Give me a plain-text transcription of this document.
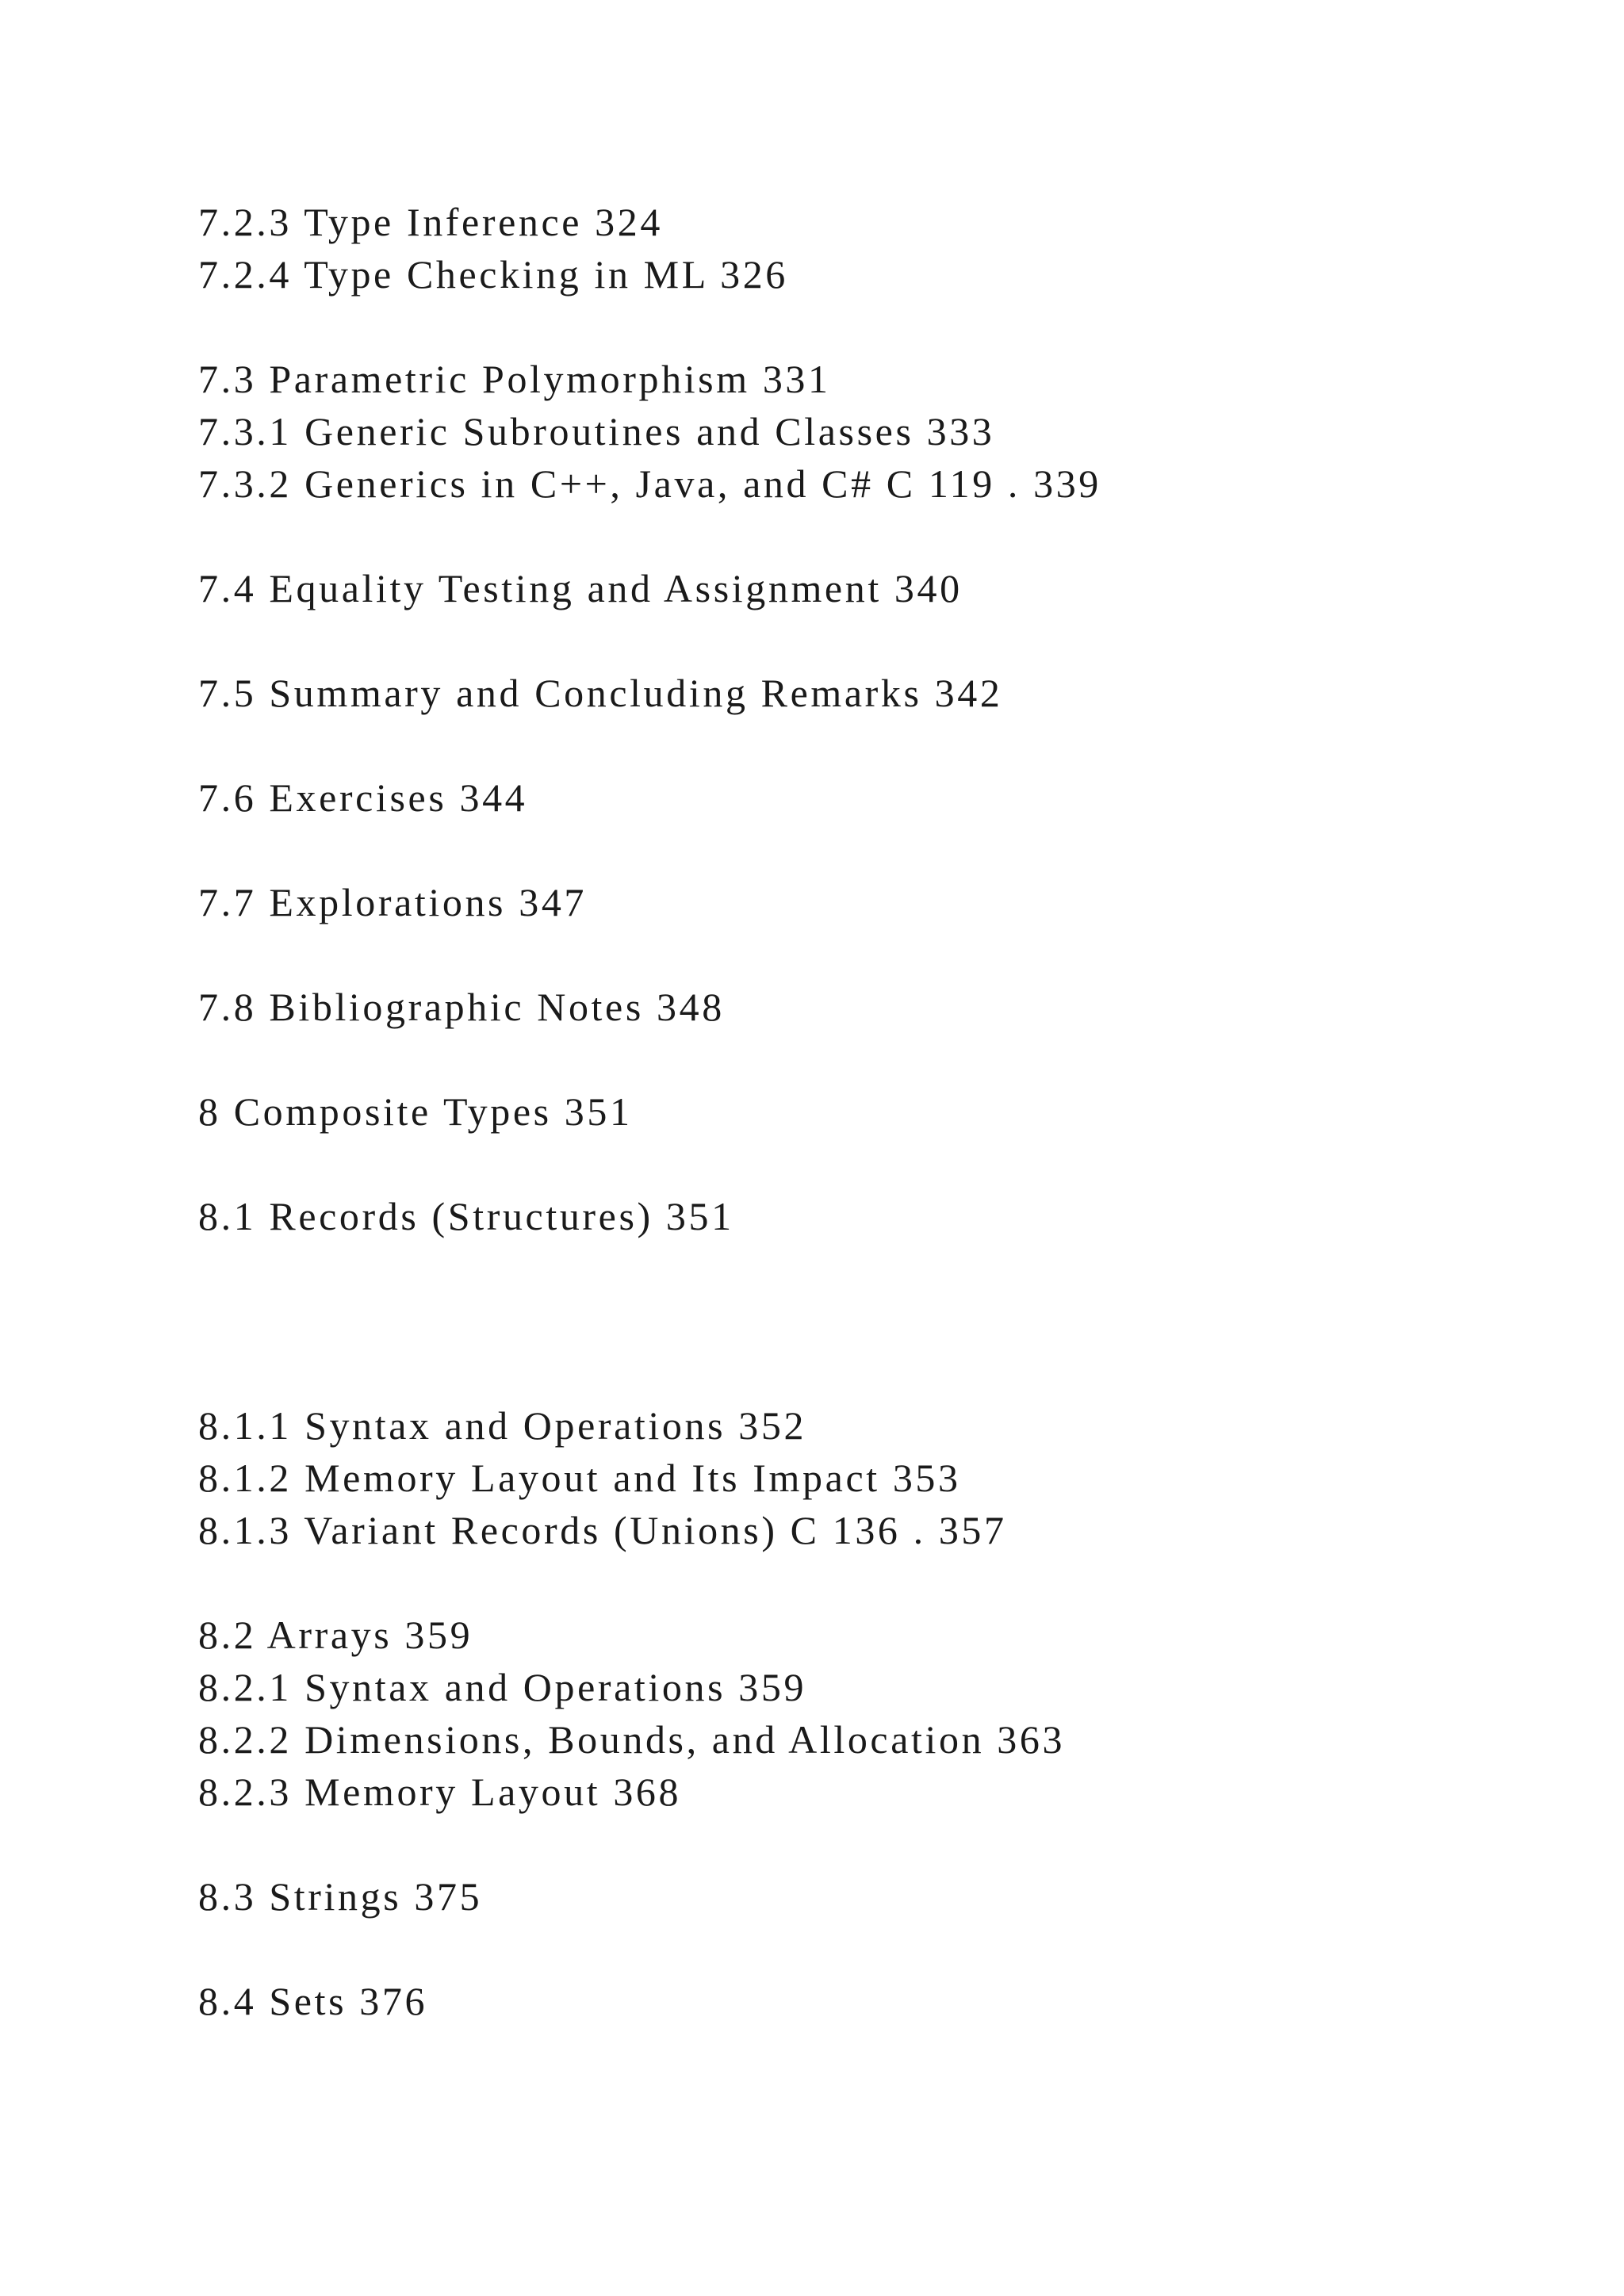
7.2.3 Type Inference 324

7.2.4 Type Checking in ML 326

7.3 Parametric Polymorphism 331

7.3.1 Generic Subroutines and Classes 333

7.3.2 Generics in C++, Java, and C# C 119 . 339

7.4 Equality Testing and Assignment 340

7.5 Summary and Concluding Remarks 342

7.6 Exercises 344

7.7 Explorations 347

7.8 Bibliographic Notes 348

8 Composite Types 351

8.1 Records (Structures) 351

8.1.1 Syntax and Operations 352

8.1.2 Memory Layout and Its Impact 353

8.1.3 Variant Records (Unions) C 136 . 357

8.2 Arrays 359

8.2.1 Syntax and Operations 359

8.2.2 Dimensions, Bounds, and Allocation 363

8.2.3 Memory Layout 368

8.3 Strings 375

8.4 Sets 376
